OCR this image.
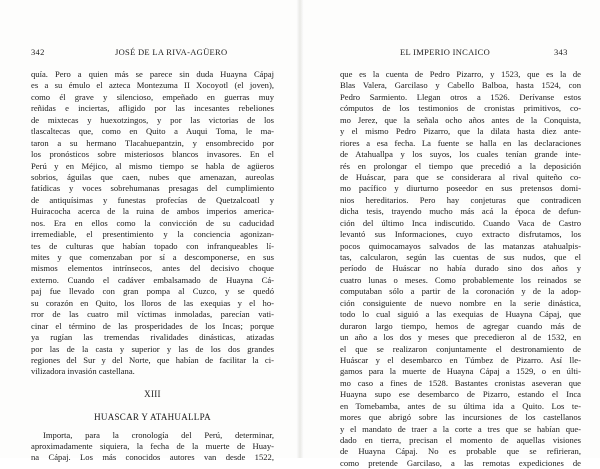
342	JOSÉ DE LA RIVA-AGÜERO
quía. Pero a quien más se parece sin duda Huayna Cápaj
es a su émulo el azteca Montezuma II Xocoyotl (el joven),
como él grave y silencioso, empeñado en guerras muy
reñidas e inciertas, afligido por las incesantes rebeliones
de mixtecas y huexotzingos, y por las victorias de los
tlascaltecas que, como en Quito a Auqui Toma, le ma-
taron a su hermano Tlacahuepantzin, y ensombrecido por
los pronósticos sobre misteriosos blancos invasores. En el
Perú y en Méjico, al mismo tiempo se habla de agüeros
sobrios, águilas que caen, nubes que amenazan, aureolas
fatídicas y voces sobrehumanas presagas del cumplimiento
de antiquísimas y funestas profecías de Quetzalcoatl y
Huiracocha acerca de la ruina de ambos imperios america-
nos. Era en ellos como la convicción de su caducidad
irremediable, el presentimiento y la conciencia agonizan-
tes de culturas que habían topado con infranqueables lí-
mites y que comenzaban por sí a descomponerse, en sus
mismos elementos intrínsecos, antes del decisivo choque
externo. Cuando el cadáver embalsamado de Huayna Cá-
paj fue llevado con gran pompa al Cuzco, y se quedó
su corazón en Quito, los lloros de las exequias y el ho-
rror de las cuatro mil víctimas inmoladas, parecían vati-
cinar el término de las prosperidades de los Incas; porque
ya rugían las tremendas rivalidades dinásticas, atizadas
por las de la casta y superior y las de los dos grandes
regiones del Sur y del Norte, que habían de facilitar la ci-
vilizadora invasión castellana.
XIII
HUASCAR Y ATAHUALLPA
Importa, para la cronología del Perú, determinar,
aproximadamente siquiera, la fecha de la muerte de Huay-
na Cápaj. Los más conocidos autores van desde 1522,
EL IMPERIO INCAICO	343
que es la cuenta de Pedro Pizarro, y 1523, que es la de
Blas Valera, Garcilaso y Cabello Balboa, hasta 1524, con
Pedro Sarmiento. Llegan otros a 1526. Derívanse estos
cómputos de los testimonios de cronistas primitivos, co-
mo Jerez, que la señala ocho años antes de la Conquista,
y el mismo Pedro Pizarro, que la dilata hasta diez ante-
riores a esa fecha. La fuente se halla en las declaraciones
de Atahuallpa y los suyos, los cuales tenían grande inte-
rés en prolongar el tiempo que precedió a la deposición
de Huáscar, para que se considerara al rival quiteño co-
mo pacífico y diurturno poseedor en sus pretensos domi-
nios hereditarios. Pero hay conjeturas que contradicen
dicha tesis, trayendo mucho más acá la época de defun-
ción del último Inca indiscutido. Cuando Vaca de Castro
levantó sus Informaciones, cuyo extracto disfrutamos, los
pocos quimocamayos salvados de las matanzas atahualpis-
tas, calcularon, según las cuentas de sus nudos, que el
período de Huáscar no había durado sino dos años y
cuatro lunas o meses. Como probablemente los reinados se
computaban sólo a partir de la coronación y de la adop-
ción consiguiente de nuevo nombre en la serie dinástica,
todo lo cual siguió a las exequias de Huayna Cápaj, que
duraron largo tiempo, hemos de agregar cuando más de
un año a los dos y meses que precedieron al de 1532, en
el que se realizaron conjuntamente el destronamiento de
Huáscar y el desembarco en Túmbez de Pizarro. Así lle-
gamos para la muerte de Huayna Cápaj a 1529, o en últi-
mo caso a fines de 1528. Bastantes cronistas aseveran que
Huayna supo ese desembarco de Pizarro, estando el Inca
en Tomebamba, antes de su última ida a Quito. Los te-
mores que abrigó sobre las incursiones de los castellanos
y el mandato de traer a la corte a tres que se habían que-
dado en tierra, precisan el momento de aquellas visiones
de Huayna Cápaj. No es probable que se refirieran,
como pretende Garcilaso, a las remotas expediciones de
